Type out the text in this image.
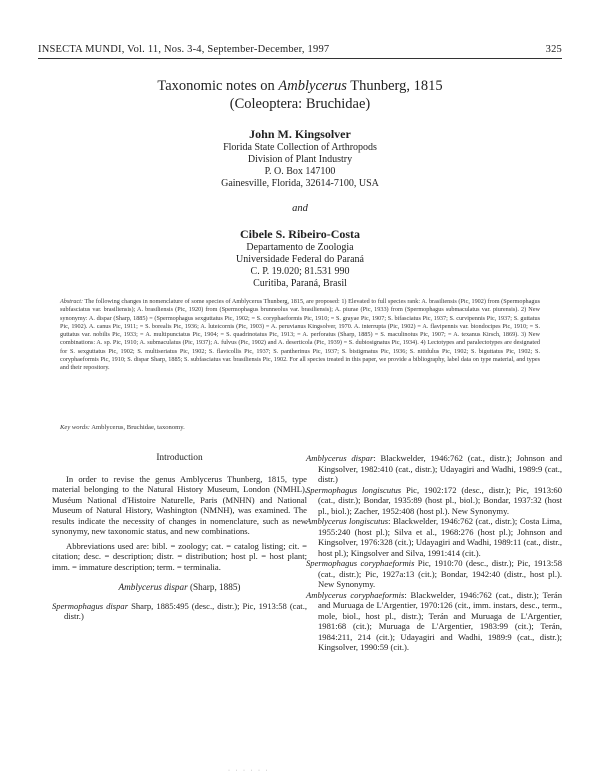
INSECTA MUNDI, Vol. 11, Nos. 3-4, September-December, 1997	325
Taxonomic notes on Amblycerus Thunberg, 1815
(Coleoptera: Bruchidae)
John M. Kingsolver
Florida State Collection of Arthropods
Division of Plant Industry
P. O. Box 147100
Gainesville, Florida, 32614-7100, USA
and
Cibele S. Ribeiro-Costa
Departamento de Zoologia
Universidade Federal do Paraná
C. P. 19.020; 81.531 990
Curitiba, Paraná, Brasil
Abstract: The following changes in nomenclature of some species of Amblycerus Thunberg, 1815, are proposed: 1) Elevated to full species rank: A. brasiliensis (Pic, 1902) from (Spermophagus subfasciatus var. brasiliensis); A. brasiliensis (Pic, 1920) from (Spermophagus brunneolus var. brasiliensis); A. piurae (Pic, 1933) from (Spermophagus submaculatus var. piurensis). 2) New synonymy: A. dispar (Sharp, 1885) = (Spermophagus sexguttatus Pic, 1902; = S. coryphaeformis Pic, 1910; = S. grayae Pic, 1907; S. bifasciatus Pic, 1937; S. curvipennis Pic, 1937; S. guttatus Pic, 1902). A. canus Pic, 1911; = S. borealis Pic, 1936; A. luteicornis (Pic, 1903) = A. peruvianus Kingsolver, 1970. A. interrupta (Pic, 1902) = A. flavipennis var. biondocipes Pic, 1910; = S. guttatus var. nobilis Pic, 1933; = A. multipunctatus Pic, 1904; = S. quadrinotatus Pic, 1913; = A. perforatus (Sharp, 1885) = S. maculinotus Pic, 1907; = A. texanus Kirsch, 1869). 3) New combinations: A. sp. Pic, 1910; A. submaculatus (Pic, 1937); A. fulvus (Pic, 1902) and A. deserticola (Pic, 1939) = S. dubiosignatus Pic, 1934). 4) Lectotypes and paralectotypes are designated for S. sexguttatus Pic, 1902; S. multiseriatus Pic, 1902; S. flavicollis Pic, 1937; S. pantherinus Pic, 1937; S. bistigmatus Pic, 1936; S. nitidulus Pic, 1902; S. biguttatus Pic, 1902; S. coryphaeformis Pic, 1910; S. dispar Sharp, 1885; S. subfasciatus var. brasiliensis Pic, 1902. For all species treated in this paper, we provide a bibliography, label data on type material, and types and their repository.
Key words: Amblycerus, Bruchidae, taxonomy.
Introduction

In order to revise the genus Amblycerus Thunberg, 1815, type material belonging to the Natural History Museum, London (NMHL), Muséum National d'Histoire Naturelle, Paris (MNHN) and National Museum of Natural History, Washington (NMNH), was examined. The results indicate the necessity of changes in nomenclature, such as new synonymy, new taxonomic status, and new combinations.

Abbreviations used are: bibl. = zoology; cat. = catalog listing; cit. = citation; desc. = description; distr. = distribution; host pl. = host plant; imm. = immature description; term. = terminalia.

Amblycerus dispar (Sharp, 1885)

Spermophagus dispar Sharp, 1885:495 (desc., distr.); Pic, 1913:58 (cat., distr.)

Amblycerus dispar: Blackwelder, 1946:762 (cat., distr.); Johnson and Kingsolver, 1982:410 (cat., distr.); Udayagiri and Wadhi, 1989:9 (cat., distr.)

Spermophagus longiscutus Pic, 1902:172 (desc., distr.); Pic, 1913:60 (cat., distr.); Bondar, 1935:89 (host pl., biol.); Bondar, 1937:32 (host pl., biol.); Zacher, 1952:408 (host pl.). New Synonymy.

Amblycerus longiscutus: Blackwelder, 1946:762 (cat., distr.); Costa Lima, 1955:240 (host pl.); Silva et al., 1968:276 (host pl.); Johnson and Kingsolver, 1976:328 (cit.); Udayagiri and Wadhi, 1989:11 (cat., distr., host pl.); Kingsolver and Silva, 1991:414 (cit.).

Spermophagus coryphaeformis Pic, 1910:70 (desc., distr.); Pic, 1913:58 (cat., distr.); Pic, 1927a:13 (cit.); Bondar, 1942:40 (distr., host pl.). New Synonymy.

Amblycerus coryphaeformis: Blackwelder, 1946:762 (cat., distr.); Terán and Muruaga de L'Argentier, 1970:126 (cit., imm. instars, desc., term., mole, biol., host pl., distr.); Terán and Muruaga de L'Argentier, 1981:68 (cit.); Muruaga de L'Argentier, 1983:99 (cit.); Terán, 1984:211, 214 (cit.); Udayagiri and Wadhi, 1989:9 (cat., distr.); Kingsolver, 1990:59 (cit.).

· · · · · ·
